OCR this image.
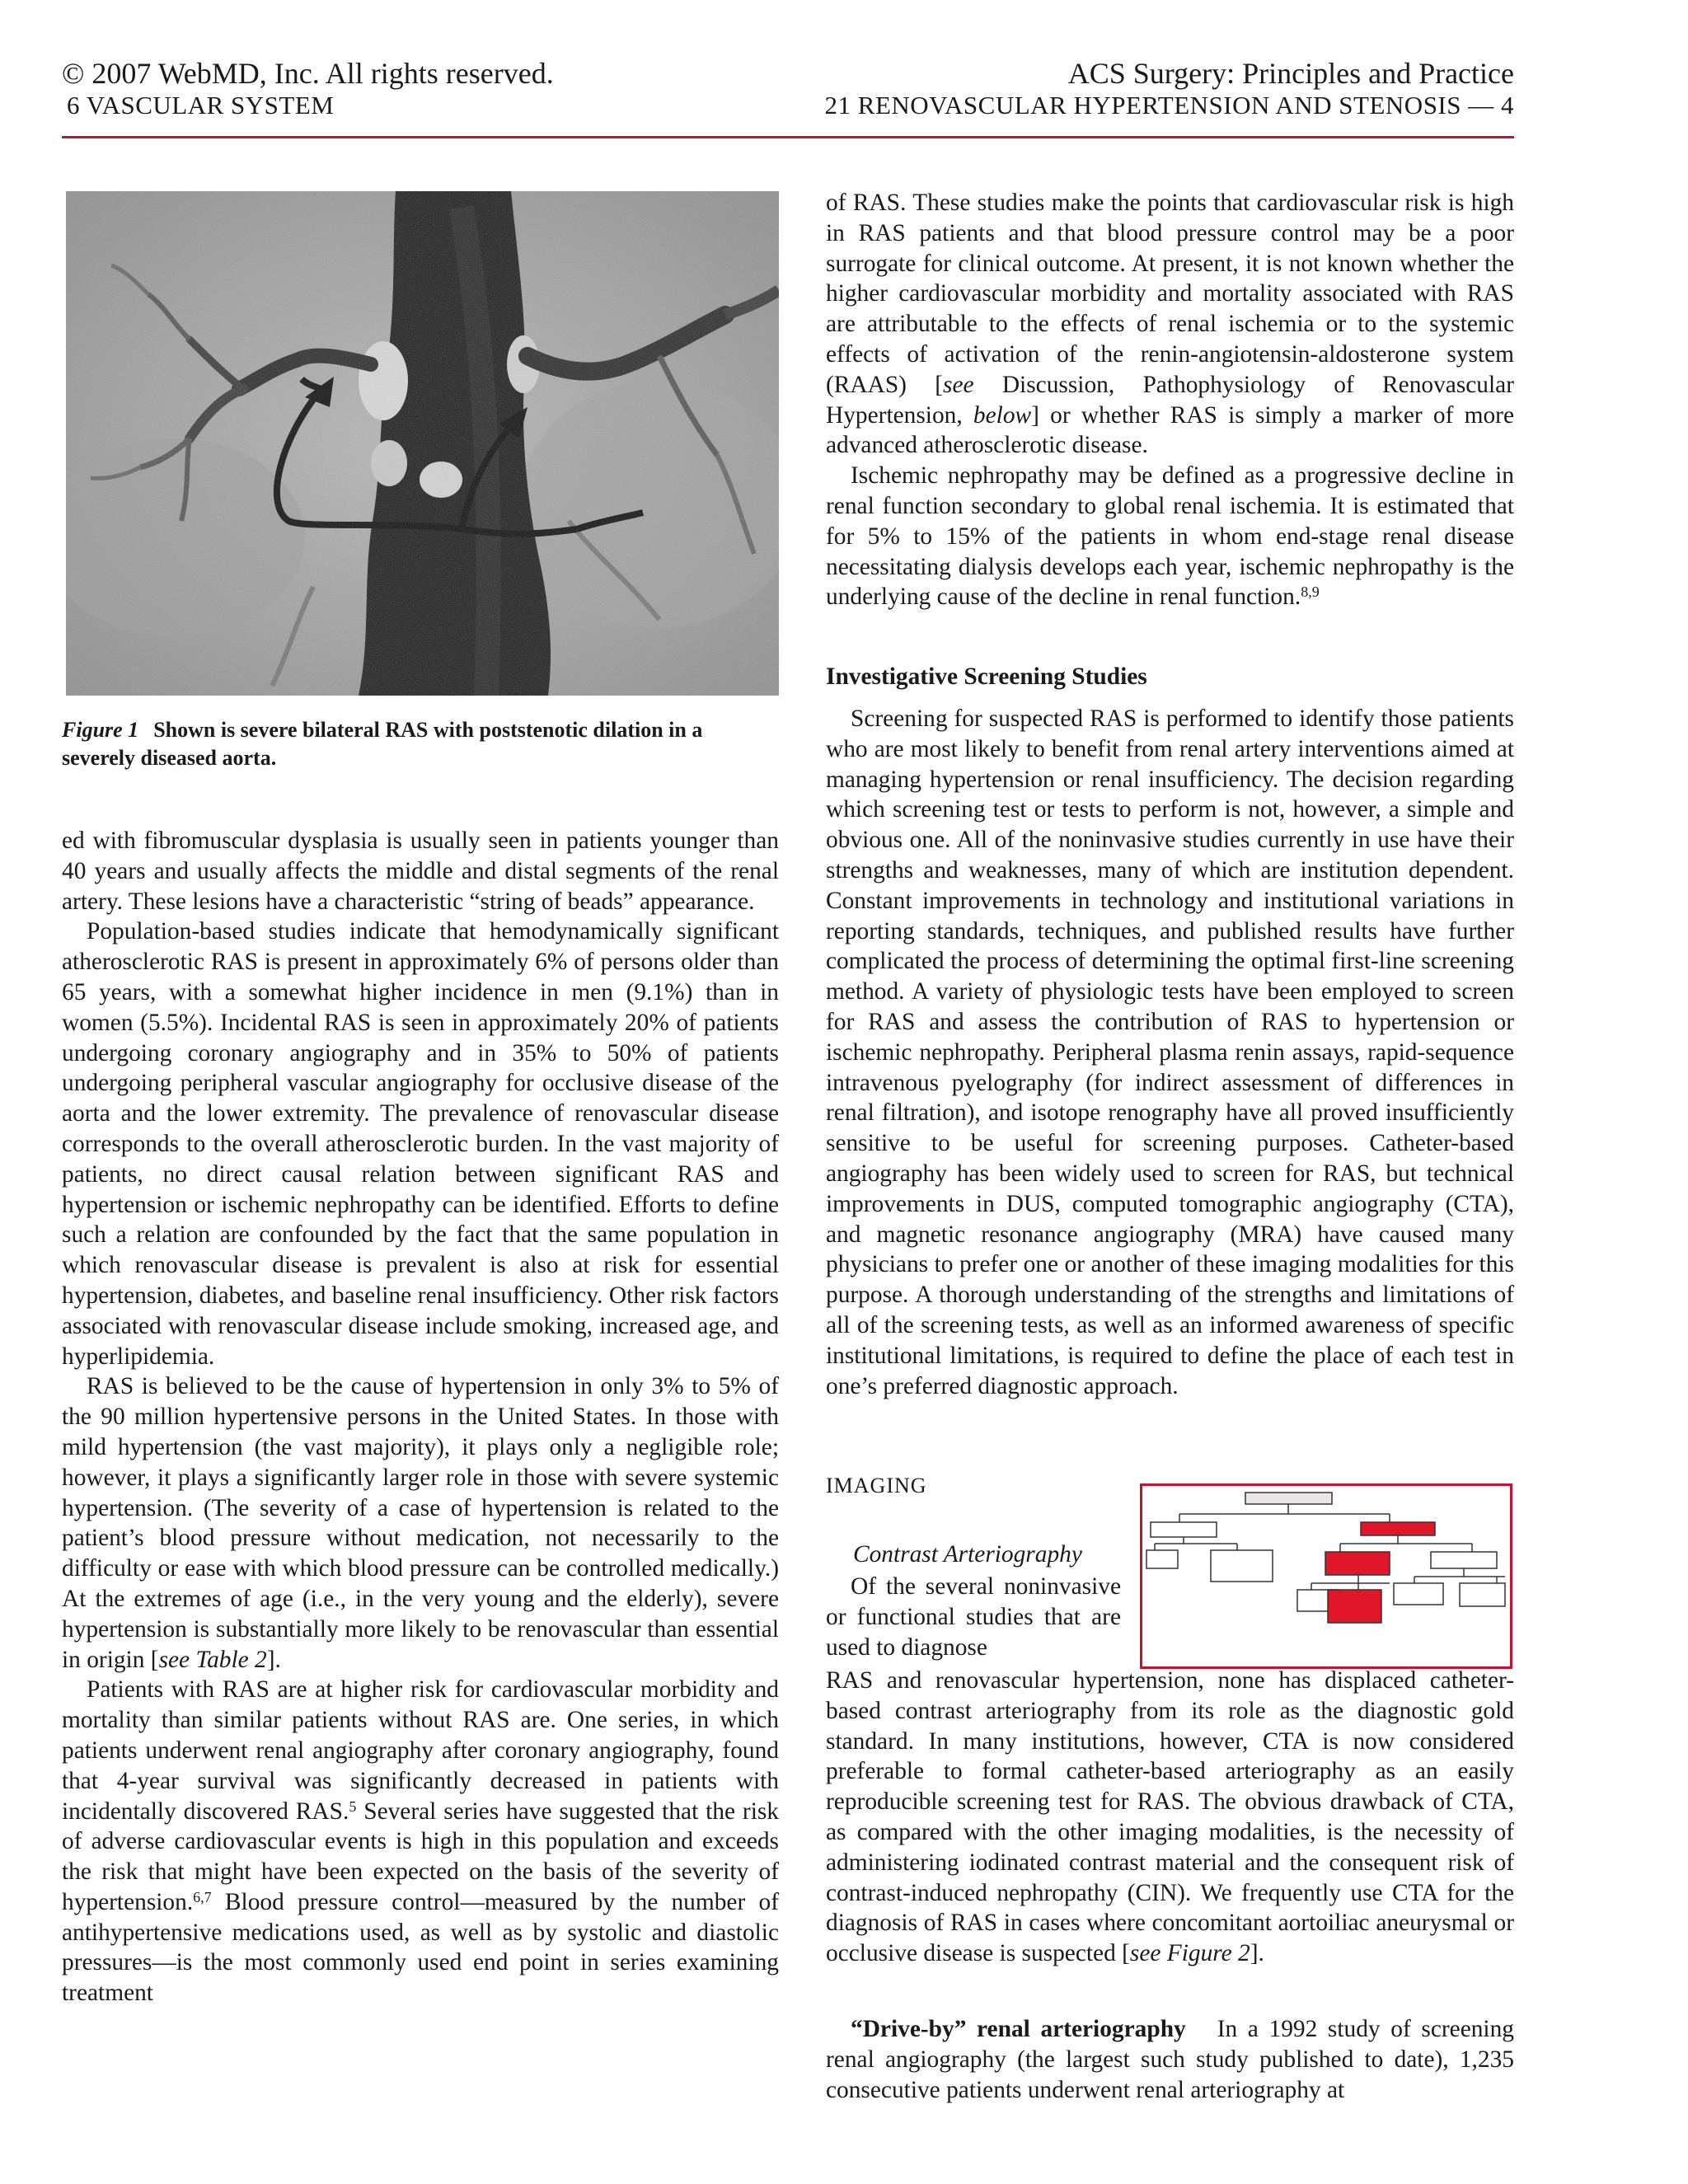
© 2007 WebMD, Inc. All rights reserved.
6 VASCULAR SYSTEM
ACS Surgery: Principles and Practice
21 RENOVASCULAR HYPERTENSION AND STENOSIS — 4
Figure 1 Shown is severe bilateral RAS with poststenotic dilation in a severely diseased aorta.

ed with fibromuscular dysplasia is usually seen in patients younger than 40 years and usually affects the middle and distal segments of the renal artery. These lesions have a characteristic “string of beads” appearance.

Population-based studies indicate that hemodynamically significant atherosclerotic RAS is present in approximately 6% of persons older than 65 years, with a somewhat higher incidence in men (9.1%) than in women (5.5%). Incidental RAS is seen in approximately 20% of patients undergoing coronary angiography and in 35% to 50% of patients undergoing peripheral vascular angiography for occlusive disease of the aorta and the lower extremity. The prevalence of renovascular disease corresponds to the overall atherosclerotic burden. In the vast majority of patients, no direct causal relation between significant RAS and hypertension or ischemic nephropathy can be identified. Efforts to define such a relation are confounded by the fact that the same population in which renovascular disease is prevalent is also at risk for essential hypertension, diabetes, and baseline renal insufficiency. Other risk factors associated with renovascular disease include smoking, increased age, and hyperlipidemia.

RAS is believed to be the cause of hypertension in only 3% to 5% of the 90 million hypertensive persons in the United States. In those with mild hypertension (the vast majority), it plays only a negligible role; however, it plays a significantly larger role in those with severe systemic hypertension. (The severity of a case of hypertension is related to the patient’s blood pressure without medication, not necessarily to the difficulty or ease with which blood pressure can be controlled medically.) At the extremes of age (i.e., in the very young and the elderly), severe hypertension is substantially more likely to be renovascular than essential in origin [see Table 2].

Patients with RAS are at higher risk for cardiovascular morbidity and mortality than similar patients without RAS are. One series, in which patients underwent renal angiography after coronary angiography, found that 4-year survival was significantly decreased in patients with incidentally discovered RAS.$^5$ Several series have suggested that the risk of adverse cardiovascular events is high in this population and exceeds the risk that might have been expected on the basis of the severity of hypertension.$^{6,7}$ Blood pressure control—measured by the number of antihypertensive medications used, as well as by systolic and diastolic pressures—is the most commonly used end point in series examining treatment

of RAS. These studies make the points that cardiovascular risk is high in RAS patients and that blood pressure control may be a poor surrogate for clinical outcome. At present, it is not known whether the higher cardiovascular morbidity and mortality associated with RAS are attributable to the effects of renal ischemia or to the systemic effects of activation of the renin-angiotensin-aldosterone system (RAAS) [see Discussion, Pathophysiology of Renovascular Hypertension, below] or whether RAS is simply a marker of more advanced atherosclerotic disease.

Ischemic nephropathy may be defined as a progressive decline in renal function secondary to global renal ischemia. It is estimated that for 5% to 15% of the patients in whom end-stage renal disease necessitating dialysis develops each year, ischemic nephropathy is the underlying cause of the decline in renal function.$^{8,9}$

Investigative Screening Studies

Screening for suspected RAS is performed to identify those patients who are most likely to benefit from renal artery interventions aimed at managing hypertension or renal insufficiency. The decision regarding which screening test or tests to perform is not, however, a simple and obvious one. All of the noninvasive studies currently in use have their strengths and weaknesses, many of which are institution dependent. Constant improvements in technology and institutional variations in reporting standards, techniques, and published results have further complicated the process of determining the optimal first-line screening method. A variety of physiologic tests have been employed to screen for RAS and assess the contribution of RAS to hypertension or ischemic nephropathy. Peripheral plasma renin assays, rapid-sequence intravenous pyelography (for indirect assessment of differences in renal filtration), and isotope renography have all proved insufficiently sensitive to be useful for screening purposes. Catheter-based angiography has been widely used to screen for RAS, but technical improvements in DUS, computed tomographic angiography (CTA), and magnetic resonance angiography (MRA) have caused many physicians to prefer one or another of these imaging modalities for this purpose. A thorough understanding of the strengths and limitations of all of the screening tests, as well as an informed awareness of specific institutional limitations, is required to define the place of each test in one’s preferred diagnostic approach.

IMAGING
Contrast Arteriography

Of the several noninvasive or functional studies that are used to diagnose

RAS and renovascular hypertension, none has displaced catheter-based contrast arteriography from its role as the diagnostic gold standard. In many institutions, however, CTA is now considered preferable to formal catheter-based arteriography as an easily reproducible screening test for RAS. The obvious drawback of CTA, as compared with the other imaging modalities, is the necessity of administering iodinated contrast material and the consequent risk of contrast-induced nephropathy (CIN). We frequently use CTA for the diagnosis of RAS in cases where concomitant aortoiliac aneurysmal or occlusive disease is suspected [see Figure 2].

“Drive-by” renal arteriography In a 1992 study of screening renal angiography (the largest such study published to date), 1,235 consecutive patients underwent renal arteriography at
